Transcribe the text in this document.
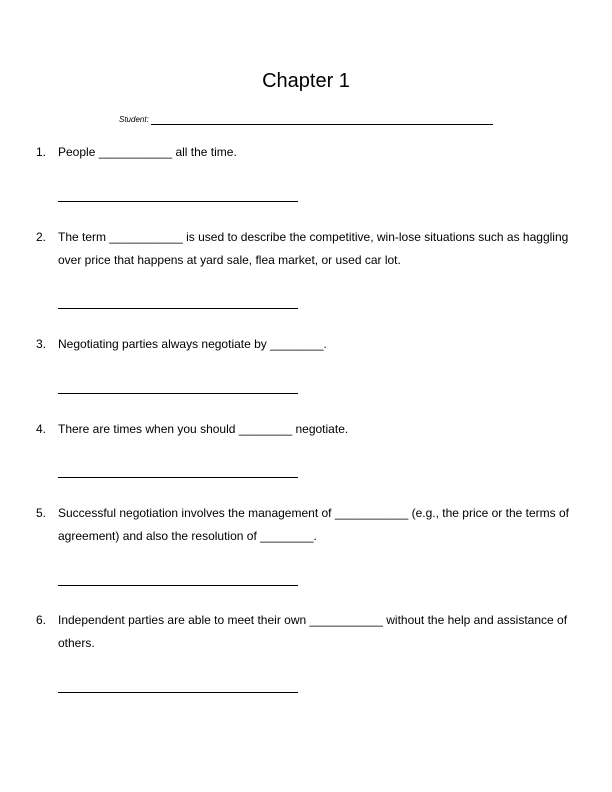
Chapter 1
Student:
1. People ___________ all the time.
2. The term ___________ is used to describe the competitive, win-lose situations such as haggling over price that happens at yard sale, flea market, or used car lot.
3. Negotiating parties always negotiate by ________.
4. There are times when you should ________ negotiate.
5. Successful negotiation involves the management of ___________ (e.g., the price or the terms of agreement) and also the resolution of ________.
6. Independent parties are able to meet their own ___________ without the help and assistance of others.
